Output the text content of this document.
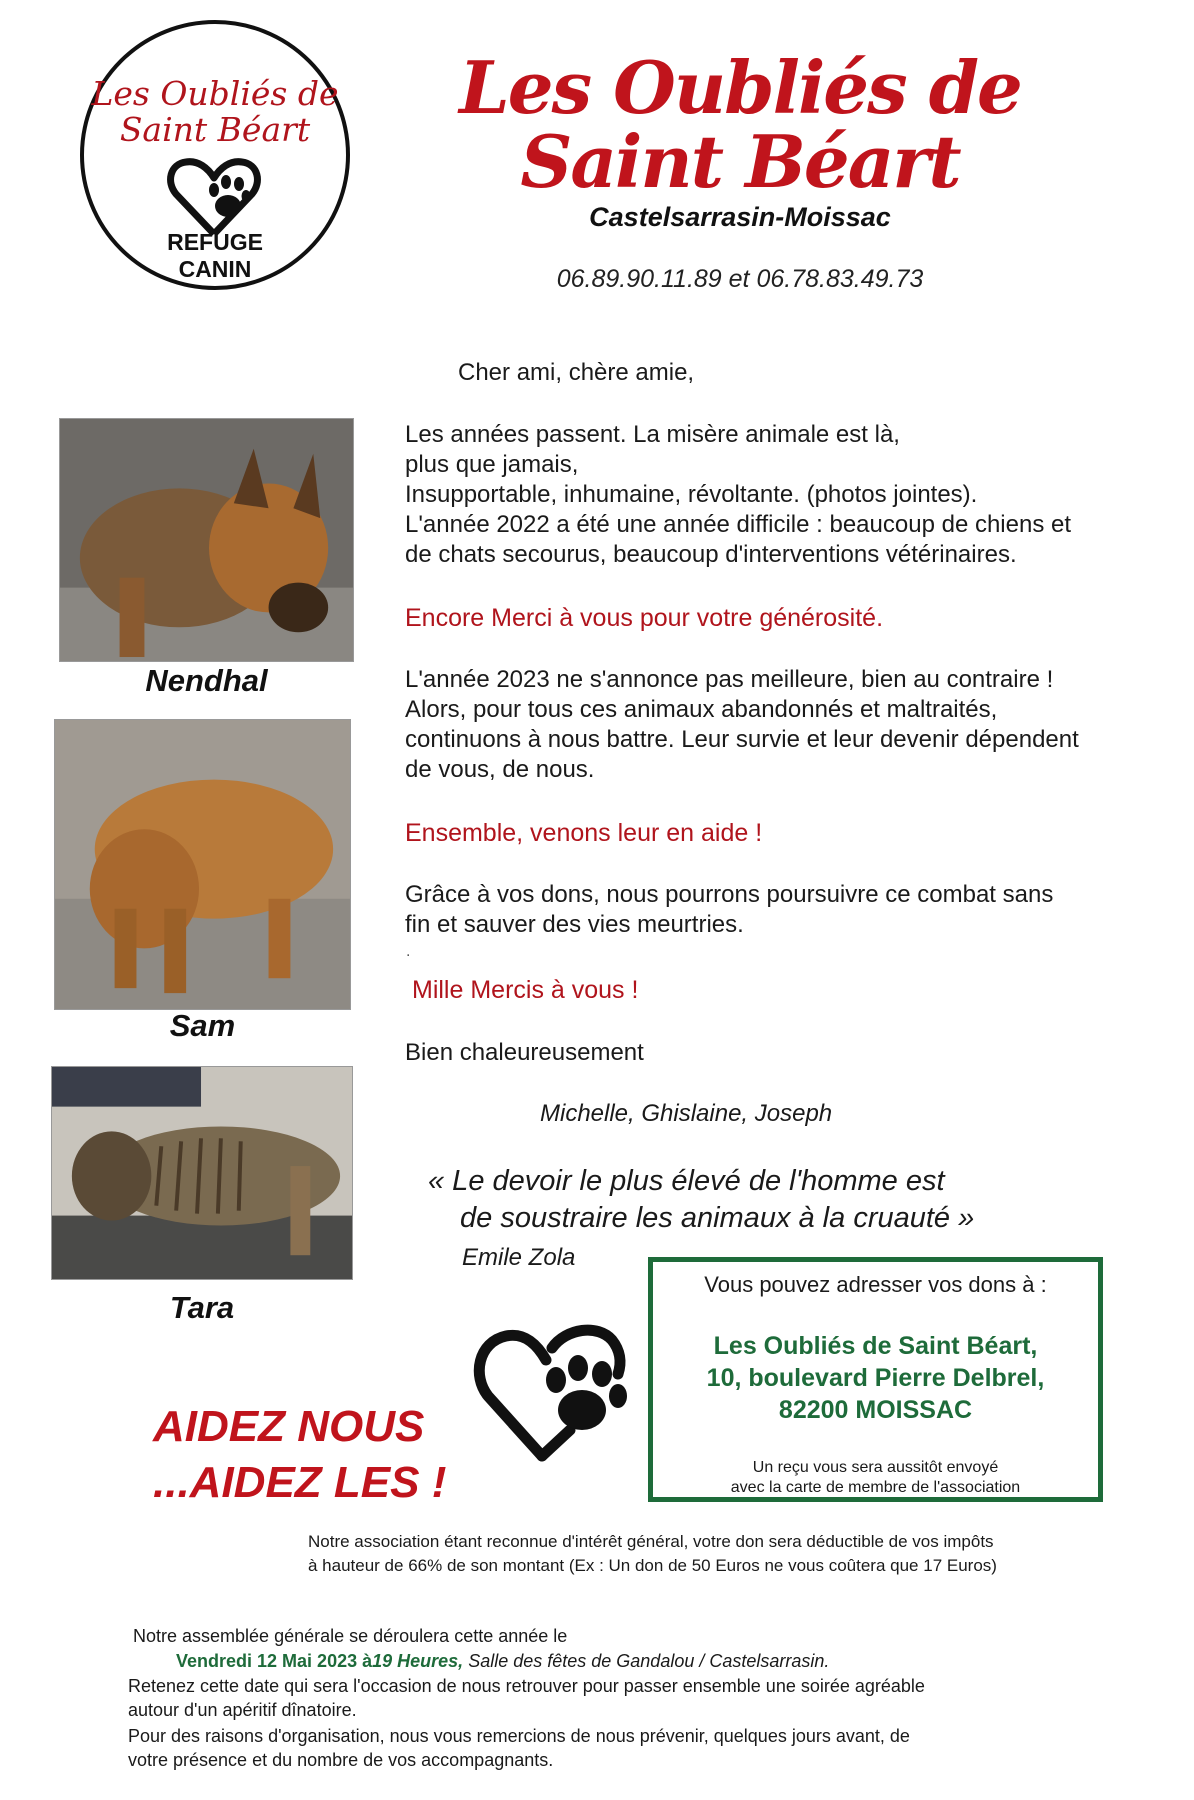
Les Oubliés de
Saint Béart
REFUGE
CANIN
Les Oubliés de
Saint Béart
Castelsarrasin-Moissac
06.89.90.11.89 et 06.78.83.49.73
Nendhal
Sam
Tara
Cher ami, chère amie,
Les années passent. La misère animale est là,
plus que jamais,
Insupportable, inhumaine, révoltante. (photos jointes).
L'année 2022 a été une année difficile : beaucoup de chiens et
de chats secourus, beaucoup d'interventions vétérinaires.
Encore Merci à vous pour votre générosité.
L'année 2023 ne s'annonce pas meilleure, bien au contraire !
Alors, pour tous ces animaux abandonnés et maltraités,
continuons à nous battre. Leur survie et leur devenir dépendent
de vous, de nous.
Ensemble, venons leur en aide !
Grâce à vos dons, nous pourrons poursuivre ce combat sans
fin et sauver des vies meurtries.
.
Mille Mercis à vous !
Bien chaleureusement
Michelle, Ghislaine, Joseph
« Le devoir le plus élevé de l'homme est
de soustraire les animaux à la cruauté »
Emile Zola
AIDEZ NOUS
...AIDEZ LES !
Vous pouvez adresser vos dons à :
Les Oubliés de Saint Béart,
10, boulevard Pierre Delbrel,
82200 MOISSAC
Un reçu vous sera aussitôt envoyé
avec la carte de membre de l'association
Notre association étant reconnue d'intérêt général, votre don sera déductible de vos impôts
à hauteur de 66% de son montant (Ex : Un don de 50 Euros ne vous coûtera que 17 Euros)
Notre assemblée générale se déroulera cette année le
Vendredi 12 Mai 2023 à19 Heures, Salle des fêtes de Gandalou / Castelsarrasin.
Retenez cette date qui sera l'occasion de nous retrouver pour passer ensemble une soirée agréable
autour d'un apéritif dînatoire.
Pour des raisons d'organisation, nous vous remercions de nous prévenir, quelques jours avant, de
votre présence et du nombre de vos accompagnants.
